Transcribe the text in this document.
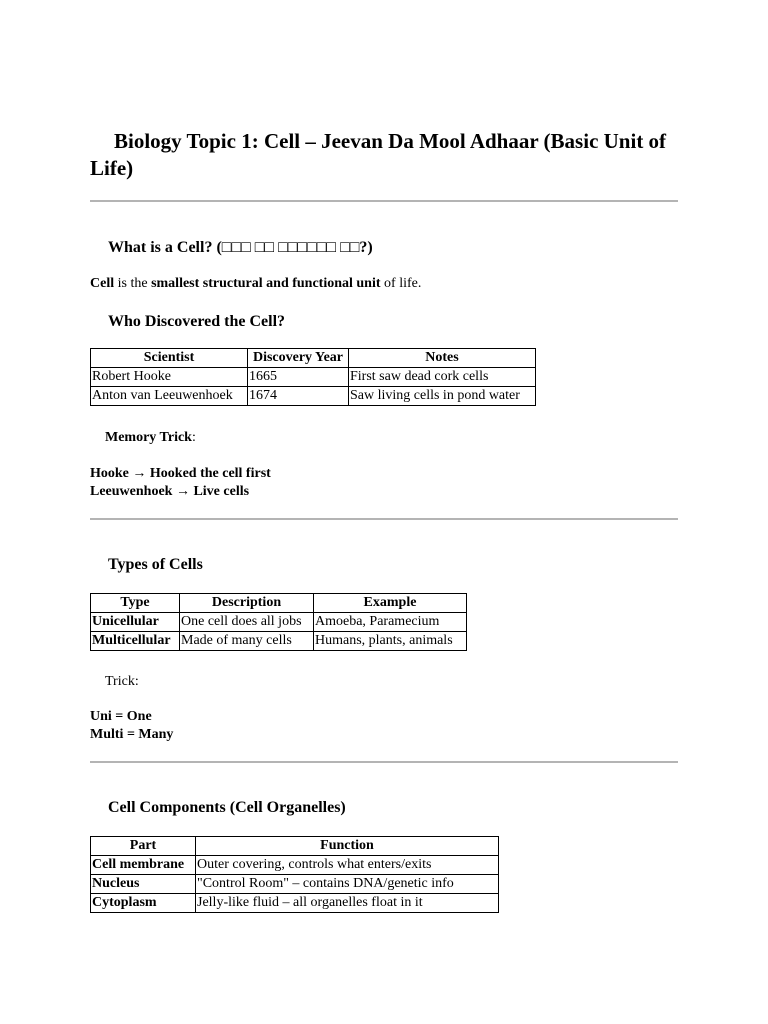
Biology Topic 1: Cell – Jeevan Da Mool Adhaar (Basic Unit of Life)
What is a Cell? (□□□ □□ □□□□□□ □□?)

Cell is the smallest structural and functional unit of life.

Who Discovered the Cell?
Scientist	Discovery Year	Notes
Robert Hooke	1665	First saw dead cork cells
Anton van Leeuwenhoek	1674	Saw living cells in pond water

Memory Trick:

Hooke → Hooked the cell first
Leeuwenhoek → Live cells
Types of Cells
Type	Description	Example
Unicellular	One cell does all jobs	Amoeba, Paramecium
Multicellular	Made of many cells	Humans, plants, animals

Trick:

Uni = One
Multi = Many
Cell Components (Cell Organelles)
Part	Function
Cell membrane	Outer covering, controls what enters/exits
Nucleus	"Control Room" – contains DNA/genetic info
Cytoplasm	Jelly-like fluid – all organelles float in it
